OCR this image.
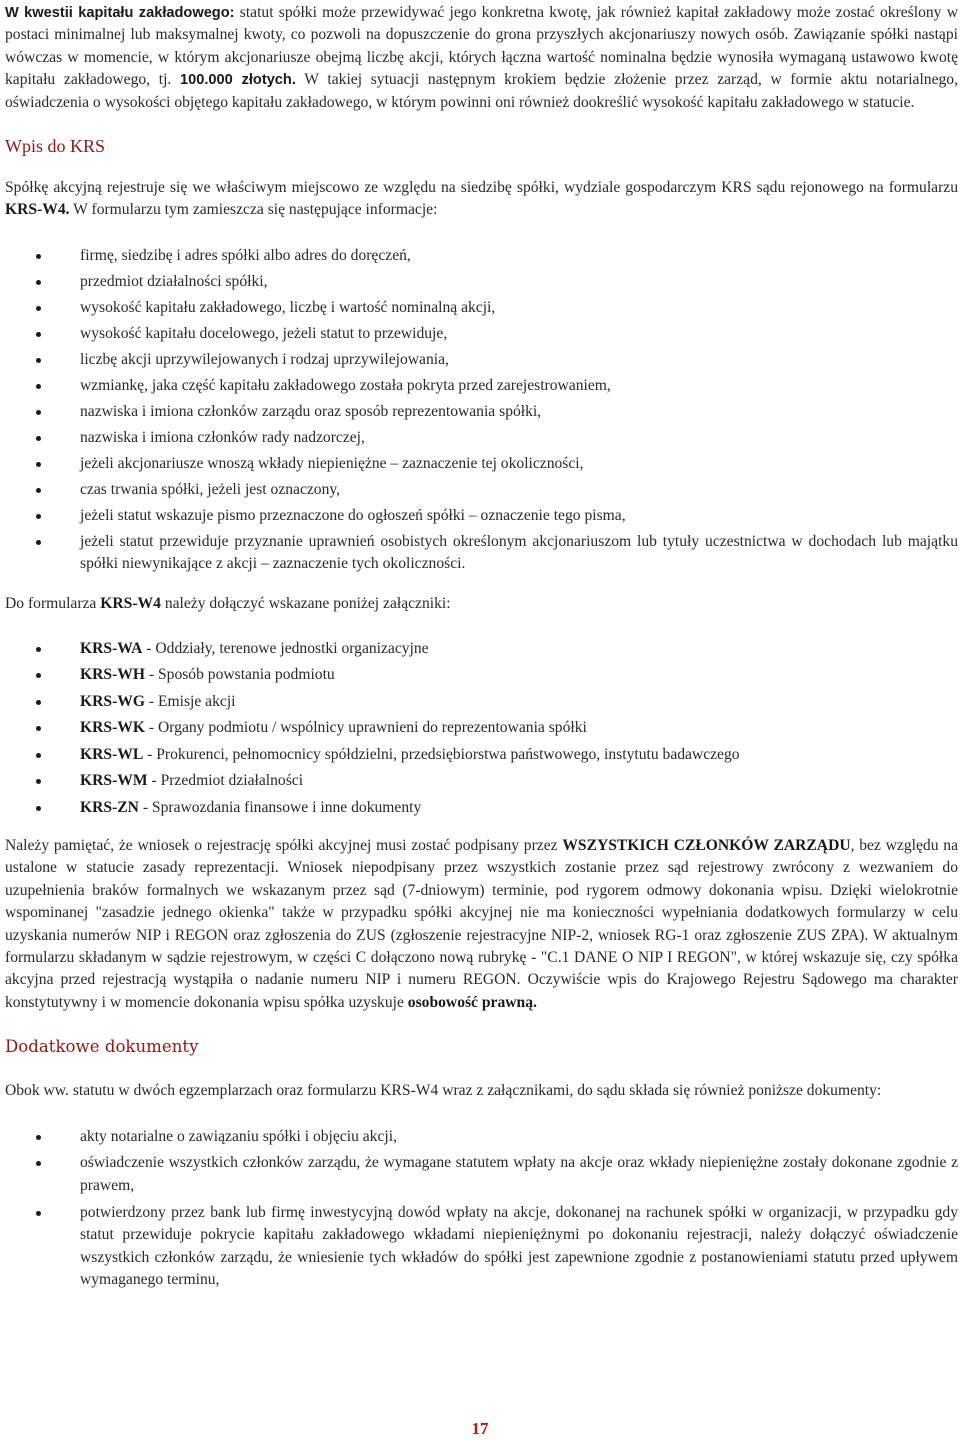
W kwestii kapitału zakładowego: statut spółki może przewidywać jego konkretna kwotę, jak również kapitał zakładowy może zostać określony w postaci minimalnej lub maksymalnej kwoty, co pozwoli na dopuszczenie do grona przyszłych akcjonariuszy nowych osób. Zawiązanie spółki nastąpi wówczas w momencie, w którym akcjonariusze obejmą liczbę akcji, których łączna wartość nominalna będzie wynosiła wymaganą ustawowo kwotę kapitału zakładowego, tj. 100.000 złotych. W takiej sytuacji następnym krokiem będzie złożenie przez zarząd, w formie aktu notarialnego, oświadczenia o wysokości objętego kapitału zakładowego, w którym powinni oni również dookreślić wysokość kapitału zakładowego w statucie.

Wpis do KRS

Spółkę akcyjną rejestruje się we właściwym miejscowo ze względu na siedzibę spółki, wydziale gospodarczym KRS sądu rejonowego na formularzu KRS-W4. W formularzu tym zamieszcza się następujące informacje:

firmę, siedzibę i adres spółki albo adres do doręczeń,
przedmiot działalności spółki,
wysokość kapitału zakładowego, liczbę i wartość nominalną akcji,
wysokość kapitału docelowego, jeżeli statut to przewiduje,
liczbę akcji uprzywilejowanych i rodzaj uprzywilejowania,
wzmiankę, jaka część kapitału zakładowego została pokryta przed zarejestrowaniem,
nazwiska i imiona członków zarządu oraz sposób reprezentowania spółki,
nazwiska i imiona członków rady nadzorczej,
jeżeli akcjonariusze wnoszą wkłady niepieniężne – zaznaczenie tej okoliczności,
czas trwania spółki, jeżeli jest oznaczony,
jeżeli statut wskazuje pismo przeznaczone do ogłoszeń spółki – oznaczenie tego pisma,
jeżeli statut przewiduje przyznanie uprawnień osobistych określonym akcjonariuszom lub tytuły uczestnictwa w dochodach lub majątku spółki niewynikające z akcji – zaznaczenie tych okoliczności.

Do formularza KRS-W4 należy dołączyć wskazane poniżej załączniki:

KRS-WA - Oddziały, terenowe jednostki organizacyjne
KRS-WH - Sposób powstania podmiotu
KRS-WG - Emisje akcji
KRS-WK - Organy podmiotu / wspólnicy uprawnieni do reprezentowania spółki
KRS-WL - Prokurenci, pełnomocnicy spółdzielni, przedsiębiorstwa państwowego, instytutu badawczego
KRS-WM - Przedmiot działalności
KRS-ZN - Sprawozdania finansowe i inne dokumenty

Należy pamiętać, że wniosek o rejestrację spółki akcyjnej musi zostać podpisany przez WSZYSTKICH CZŁONKÓW ZARZĄDU, bez względu na ustalone w statucie zasady reprezentacji. Wniosek niepodpisany przez wszystkich zostanie przez sąd rejestrowy zwrócony z wezwaniem do uzupełnienia braków formalnych we wskazanym przez sąd (7-dniowym) terminie, pod rygorem odmowy dokonania wpisu. Dzięki wielokrotnie wspominanej "zasadzie jednego okienka" także w przypadku spółki akcyjnej nie ma konieczności wypełniania dodatkowych formularzy w celu uzyskania numerów NIP i REGON oraz zgłoszenia do ZUS (zgłoszenie rejestracyjne NIP-2, wniosek RG-1 oraz zgłoszenie ZUS ZPA). W aktualnym formularzu składanym w sądzie rejestrowym, w części C dołączono nową rubrykę - "C.1 DANE O NIP I REGON", w której wskazuje się, czy spółka akcyjna przed rejestracją wystąpiła o nadanie numeru NIP i numeru REGON. Oczywiście wpis do Krajowego Rejestru Sądowego ma charakter konstytutywny i w momencie dokonania wpisu spółka uzyskuje osobowość prawną.

Dodatkowe dokumenty

Obok ww. statutu w dwóch egzemplarzach oraz formularzu KRS-W4 wraz z załącznikami, do sądu składa się również poniższe dokumenty:

akty notarialne o zawiązaniu spółki i objęciu akcji,
oświadczenie wszystkich członków zarządu, że wymagane statutem wpłaty na akcje oraz wkłady niepieniężne zostały dokonane zgodnie z prawem,
potwierdzony przez bank lub firmę inwestycyjną dowód wpłaty na akcje, dokonanej na rachunek spółki w organizacji, w przypadku gdy statut przewiduje pokrycie kapitału zakładowego wkładami niepieniężnymi po dokonaniu rejestracji, należy dołączyć oświadczenie wszystkich członków zarządu, że wniesienie tych wkładów do spółki jest zapewnione zgodnie z postanowieniami statutu przed upływem wymaganego terminu,
17
